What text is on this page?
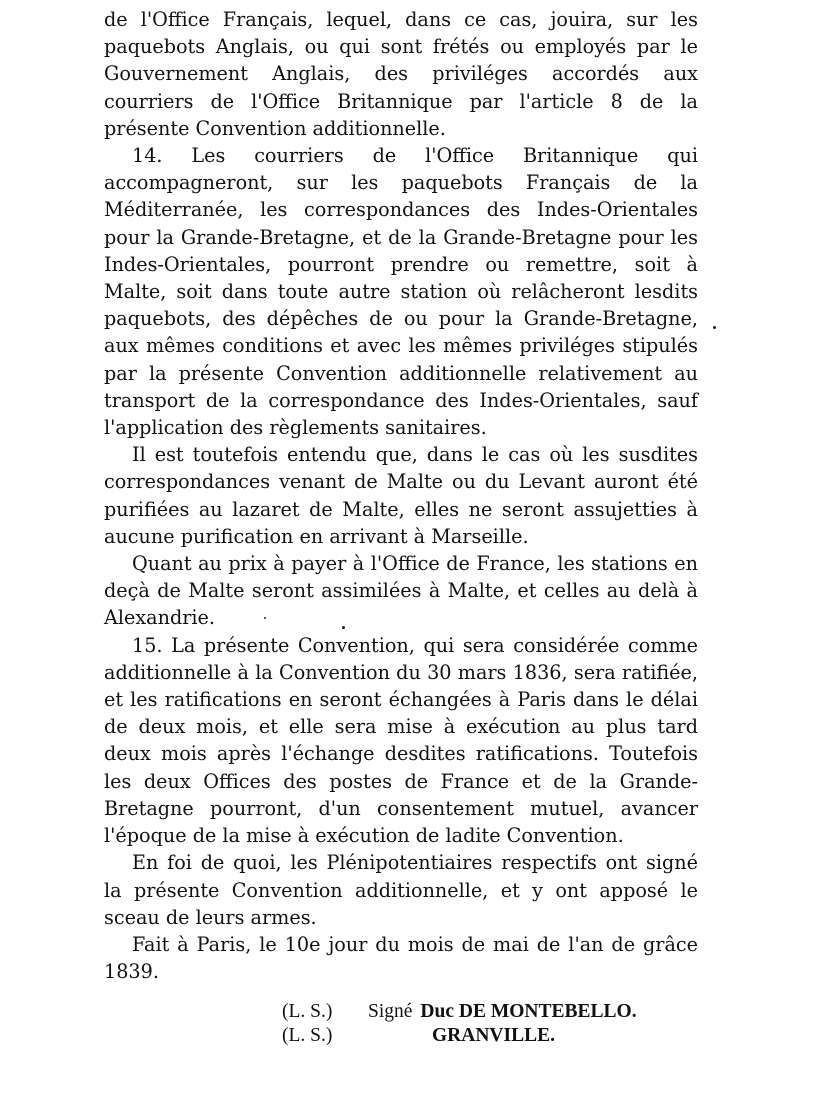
de l'Office Français, lequel, dans ce cas, jouira, sur les paquebots Anglais, ou qui sont frétés ou employés par le Gouvernement Anglais, des priviléges accordés aux courriers de l'Office Britannique par l'article 8 de la présente Convention additionnelle.

14. Les courriers de l'Office Britannique qui accompagneront, sur les paquebots Français de la Méditerranée, les correspondances des Indes-Orientales pour la Grande-Bretagne, et de la Grande-Bretagne pour les Indes-Orientales, pourront prendre ou remettre, soit à Malte, soit dans toute autre station où relâcheront lesdits paquebots, des dépêches de ou pour la Grande-Bretagne, aux mêmes conditions et avec les mêmes priviléges stipulés par la présente Convention additionnelle relativement au transport de la correspondance des Indes-Orientales, sauf l'application des règlements sanitaires.

Il est toutefois entendu que, dans le cas où les susdites correspondances venant de Malte ou du Levant auront été purifiées au lazaret de Malte, elles ne seront assujetties à aucune purification en arrivant à Marseille.

Quant au prix à payer à l'Office de France, les stations en deçà de Malte seront assimilées à Malte, et celles au delà à Alexandrie.

15. La présente Convention, qui sera considérée comme additionnelle à la Convention du 30 mars 1836, sera ratifiée, et les ratifications en seront échangées à Paris dans le délai de deux mois, et elle sera mise à exécution au plus tard deux mois après l'échange desdites ratifications. Toutefois les deux Offices des postes de France et de la Grande-Bretagne pourront, d'un consentement mutuel, avancer l'époque de la mise à exécution de ladite Convention.

En foi de quoi, les Plénipotentiaires respectifs ont signé la présente Convention additionnelle, et y ont apposé le sceau de leurs armes.

Fait à Paris, le 10e jour du mois de mai de l'an de grâce 1839.

(L. S.)	Signé Duc DE MONTEBELLO.
(L. S.)	GRANVILLE.
